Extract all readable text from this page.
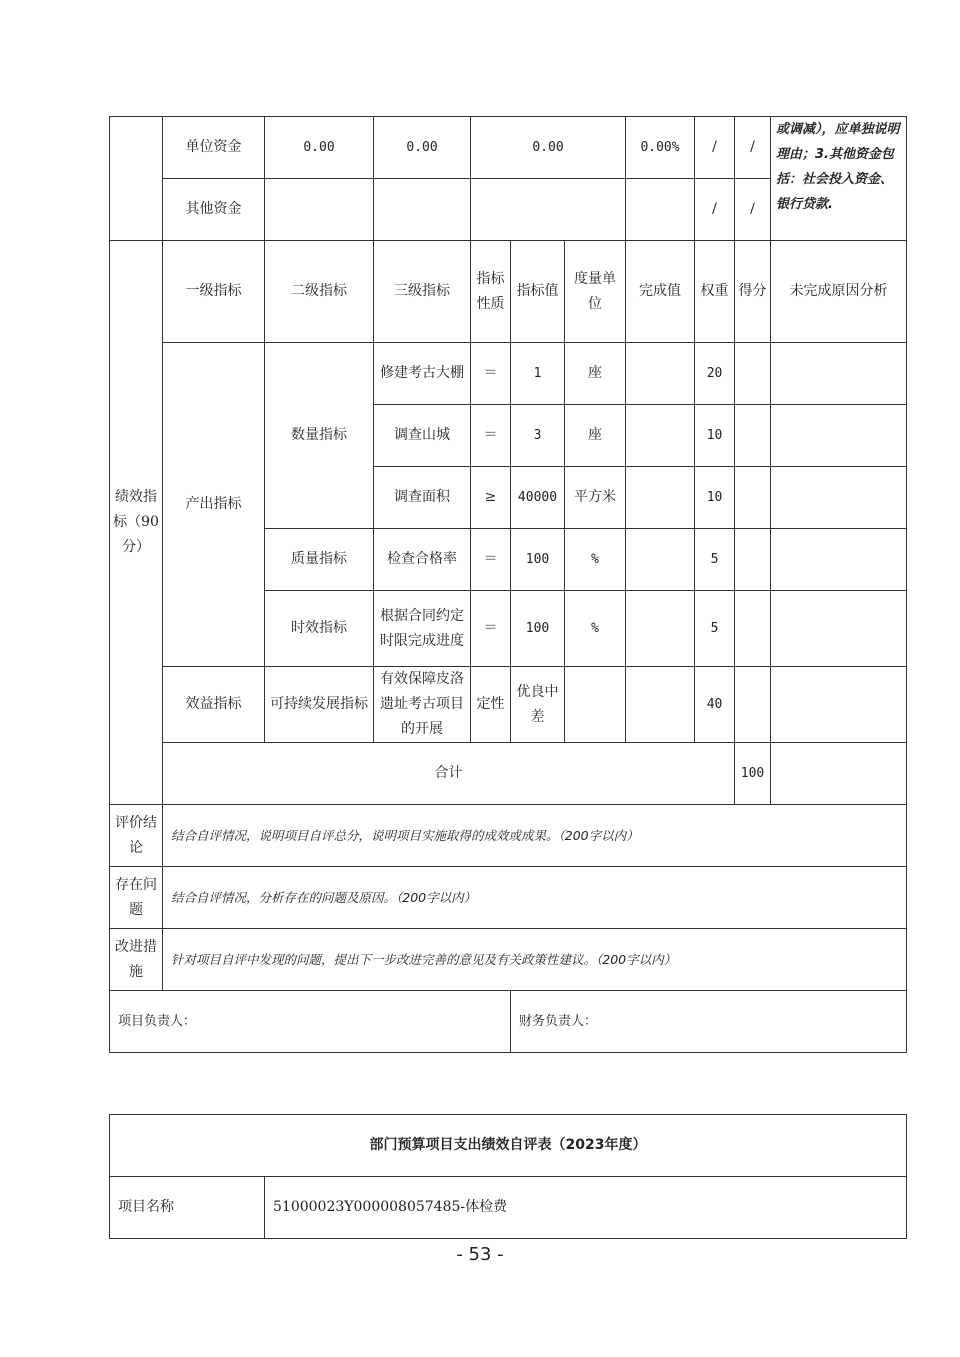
	单位资金	0.00	0.00	0.00			0.00%	/	/	或调减），应单独说明理由；3.其他资金包括：社会投入资金、银行贷款.	
	其他资金							/	/		
绩效指标（90分）	一级指标	二级指标	三级指标	指标性质	指标值	度量单位	完成值	权重	得分	未完成原因分析	
	产出指标	数量指标	修建考古大棚	＝	1	座		20			
			调查山城	＝	3	座		10			
			调查面积	≥	40000	平方米		10			
		质量指标	检查合格率	＝	100	%		5			
		时效指标	根据合同约定时限完成进度	＝	100	%		5			
	效益指标	可持续发展指标	有效保障皮洛遗址考古项目的开展	定性	优良中差			40			
	合计								100		
评价结论	结合自评情况，说明项目自评总分，说明项目实施取得的成效或成果。（200字以内）										
存在问题	结合自评情况，分析存在的问题及原因。（200字以内）										
改进措施	针对项目自评中发现的问题，提出下一步改进完善的意见及有关政策性建议。（200字以内）										
项目负责人：	财务负责人：
部门预算项目支出绩效自评表（2023年度）
项目名称	51000023Y000008057485-体检费
- 53 -
